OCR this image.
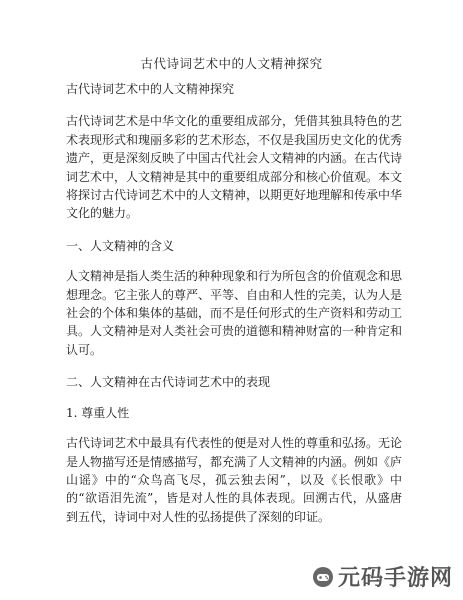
古代诗词艺术中的人文精神探究

古代诗词艺术中的人文精神探究

古代诗词艺术是中华文化的重要组成部分，凭借其独具特色的艺术表现形式和瑰丽多彩的艺术形态，不仅是我国历史文化的优秀遗产，更是深刻反映了中国古代社会人文精神的内涵。在古代诗词艺术中，人文精神是其中的重要组成部分和核心价值观。本文将探讨古代诗词艺术中的人文精神，以期更好地理解和传承中华文化的魅力。

一、人文精神的含义

人文精神是指人类生活的种种现象和行为所包含的价值观念和思想理念。它主张人的尊严、平等、自由和人性的完美，认为人是社会的个体和集体的基础，而不是任何形式的生产资料和劳动工具。人文精神是对人类社会可贵的道德和精神财富的一种肯定和认可。

二、人文精神在古代诗词艺术中的表现

1. 尊重人性

古代诗词艺术中最具有代表性的便是对人性的尊重和弘扬。无论是人物描写还是情感描写，都充满了人文精神的内涵。例如《庐山谣》中的“众鸟高飞尽，孤云独去闲”，以及《长恨歌》中的“欲语泪先流”，皆是对人性的具体表现。回溯古代，从盛唐到五代，诗词中对人性的弘扬提供了深刻的印证。

元码手游网
